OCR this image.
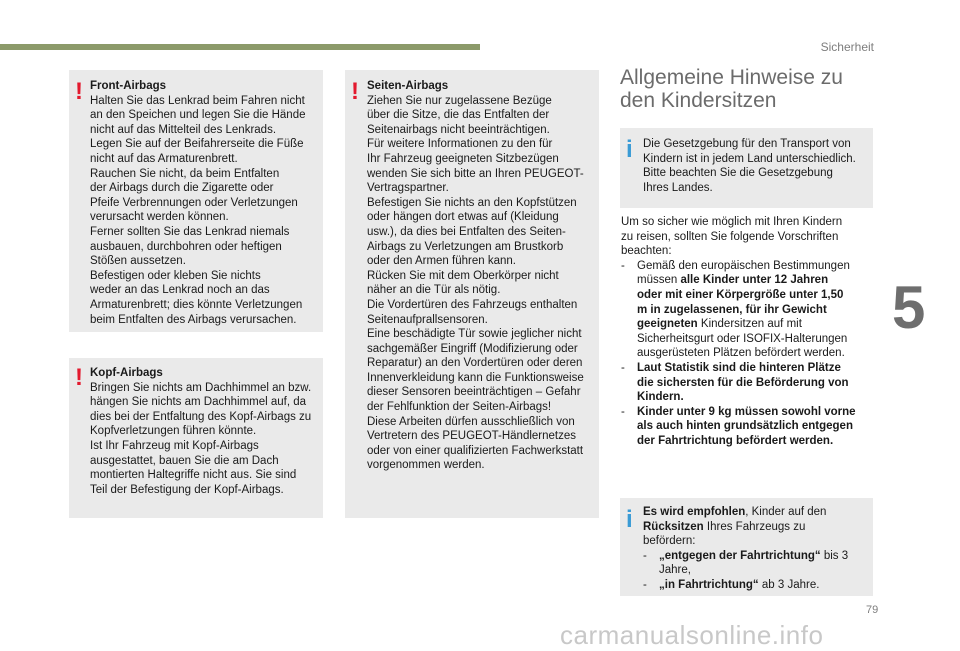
Sicherheit
5
! Front-Airbags
Halten Sie das Lenkrad beim Fahren nicht
an den Speichen und legen Sie die Hände
nicht auf das Mittelteil des Lenkrads.
Legen Sie auf der Beifahrerseite die Füße
nicht auf das Armaturenbrett.
Rauchen Sie nicht, da beim Entfalten
der Airbags durch die Zigarette oder
Pfeife Verbrennungen oder Verletzungen
verursacht werden können.
Ferner sollten Sie das Lenkrad niemals
ausbauen, durchbohren oder heftigen
Stößen aussetzen.
Befestigen oder kleben Sie nichts
weder an das Lenkrad noch an das
Armaturenbrett; dies könnte Verletzungen
beim Entfalten des Airbags verursachen.
! Kopf-Airbags
Bringen Sie nichts am Dachhimmel an bzw.
hängen Sie nichts am Dachhimmel auf, da
dies bei der Entfaltung des Kopf-Airbags zu
Kopfverletzungen führen könnte.
Ist Ihr Fahrzeug mit Kopf-Airbags
ausgestattet, bauen Sie die am Dach
montierten Haltegriffe nicht aus. Sie sind
Teil der Befestigung der Kopf-Airbags.
! Seiten-Airbags
Ziehen Sie nur zugelassene Bezüge
über die Sitze, die das Entfalten der
Seitenairbags nicht beeinträchtigen.
Für weitere Informationen zu den für
Ihr Fahrzeug geeigneten Sitzbezügen
wenden Sie sich bitte an Ihren PEUGEOT-
Vertragspartner.
Befestigen Sie nichts an den Kopfstützen
oder hängen dort etwas auf (Kleidung
usw.), da dies bei Entfalten des Seiten-
Airbags zu Verletzungen am Brustkorb
oder den Armen führen kann.
Rücken Sie mit dem Oberkörper nicht
näher an die Tür als nötig.
Die Vordertüren des Fahrzeugs enthalten
Seitenaufprallsensoren.
Eine beschädigte Tür sowie jeglicher nicht
sachgemäßer Eingriff (Modifizierung oder
Reparatur) an den Vordertüren oder deren
Innenverkleidung kann die Funktionsweise
dieser Sensoren beeinträchtigen – Gefahr
der Fehlfunktion der Seiten-Airbags!
Diese Arbeiten dürfen ausschließlich von
Vertretern des PEUGEOT-Händlernetzes
oder von einer qualifizierten Fachwerkstatt
vorgenommen werden.
Allgemeine Hinweise zu
den Kindersitzen
i Die Gesetzgebung für den Transport von
Kindern ist in jedem Land unterschiedlich.
Bitte beachten Sie die Gesetzgebung
Ihres Landes.
Um so sicher wie möglich mit Ihren Kindern
zu reisen, sollten Sie folgende Vorschriften
beachten:
- Gemäß den europäischen Bestimmungen
müssen alle Kinder unter 12 Jahren
oder mit einer Körpergröße unter 1,50
m in zugelassenen, für ihr Gewicht
geeigneten Kindersitzen auf mit
Sicherheitsgurt oder ISOFIX-Halterungen
ausgerüsteten Plätzen befördert werden.
- Laut Statistik sind die hinteren Plätze
die sichersten für die Beförderung von
Kindern.
- Kinder unter 9 kg müssen sowohl vorne
als auch hinten grundsätzlich entgegen
der Fahrtrichtung befördert werden.
i Es wird empfohlen, Kinder auf den
Rücksitzen Ihres Fahrzeugs zu
befördern:
- „entgegen der Fahrtrichtung“ bis 3
Jahre,
- „in Fahrtrichtung“ ab 3 Jahre.
79
carmanualsonline.info
